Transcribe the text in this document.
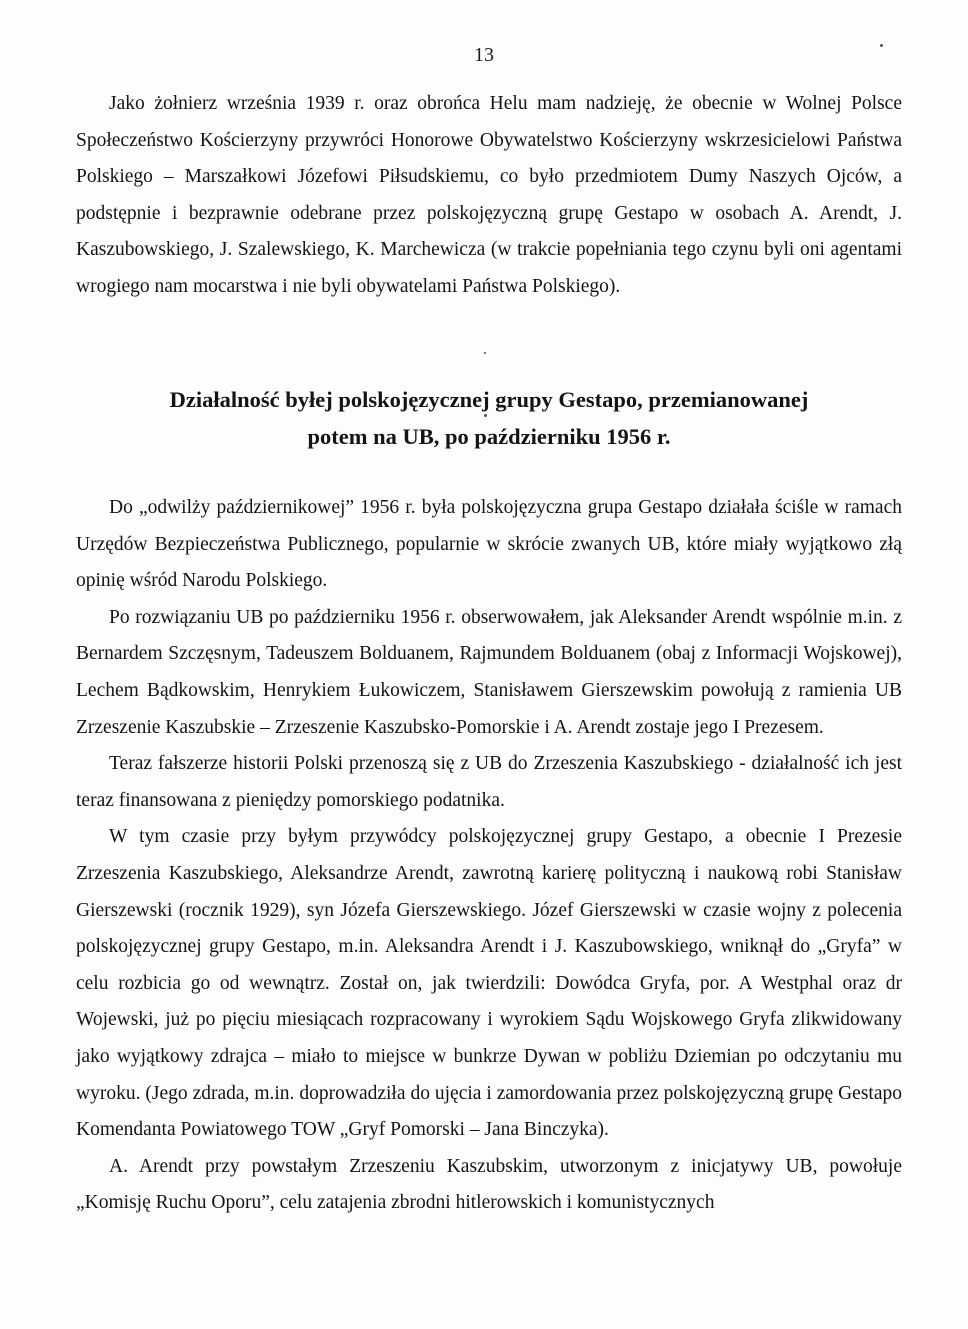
13

Jako żołnierz września 1939 r. oraz obrońca Helu mam nadzieję, że obecnie w Wolnej Polsce Społeczeństwo Kościerzyny przywróci Honorowe Obywatelstwo Kościerzyny wskrzesicielowi Państwa Polskiego – Marszałkowi Józefowi Piłsudskiemu, co było przedmiotem Dumy Naszych Ojców, a podstępnie i bezprawnie odebrane przez polskojęzyczną grupę Gestapo w osobach A. Arendt, J. Kaszubowskiego, J. Szalewskiego, K. Marchewicza (w trakcie popełniania tego czynu byli oni agentami wrogiego nam mocarstwa i nie byli obywatelami Państwa Polskiego).

Działalność byłej polskojęzycznej grupy Gestapo, przemianowanej
potem na UB, po październiku 1956 r.

Do „odwilży październikowej” 1956 r. była polskojęzyczna grupa Gestapo działała ściśle w ramach Urzędów Bezpieczeństwa Publicznego, popularnie w skrócie zwanych UB, które miały wyjątkowo złą opinię wśród Narodu Polskiego.

Po rozwiązaniu UB po październiku 1956 r. obserwowałem, jak Aleksander Arendt wspólnie m.in. z Bernardem Szczęsnym, Tadeuszem Bolduanem, Rajmundem Bolduanem (obaj z Informacji Wojskowej), Lechem Bądkowskim, Henrykiem Łukowiczem, Stanisławem Gierszewskim powołują z ramienia UB Zrzeszenie Kaszubskie – Zrzeszenie Kaszubsko-Pomorskie i A. Arendt zostaje jego I Prezesem.

Teraz fałszerze historii Polski przenoszą się z UB do Zrzeszenia Kaszubskiego - działalność ich jest teraz finansowana z pieniędzy pomorskiego podatnika.

W tym czasie przy byłym przywódcy polskojęzycznej grupy Gestapo, a obecnie I Prezesie Zrzeszenia Kaszubskiego, Aleksandrze Arendt, zawrotną karierę polityczną i naukową robi Stanisław Gierszewski (rocznik 1929), syn Józefa Gierszewskiego. Józef Gierszewski w czasie wojny z polecenia polskojęzycznej grupy Gestapo, m.in. Aleksandra Arendt i J. Kaszubowskiego, wniknął do „Gryfa” w celu rozbicia go od wewnątrz. Został on, jak twierdzili: Dowódca Gryfa, por. A Westphal oraz dr Wojewski, już po pięciu miesiącach rozpracowany i wyrokiem Sądu Wojskowego Gryfa zlikwidowany jako wyjątkowy zdrajca – miało to miejsce w bunkrze Dywan w pobliżu Dziemian po odczytaniu mu wyroku. (Jego zdrada, m.in. doprowadziła do ujęcia i zamordowania przez polskojęzyczną grupę Gestapo Komendanta Powiatowego TOW „Gryf Pomorski – Jana Binczyka).

A. Arendt przy powstałym Zrzeszeniu Kaszubskim, utworzonym z inicjatywy UB, powołuje „Komisję Ruchu Oporu”, celu zatajenia zbrodni hitlerowskich i komunistycznych
